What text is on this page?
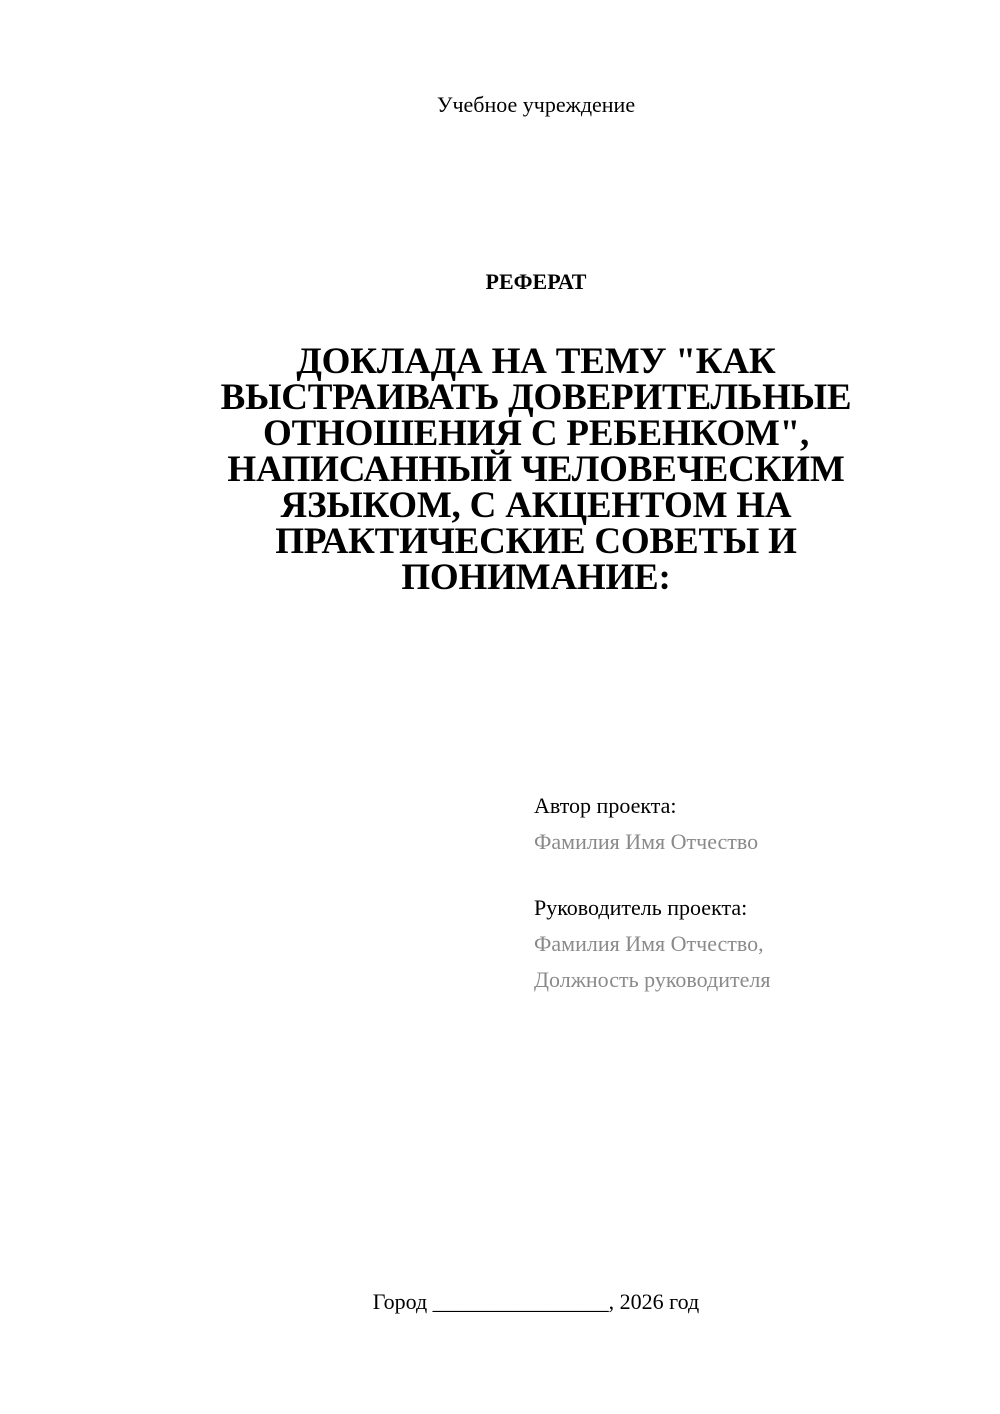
Учебное учреждение
РЕФЕРАТ
ДОКЛАДА НА ТЕМУ "КАК
ВЫСТРАИВАТЬ ДОВЕРИТЕЛЬНЫЕ
ОТНОШЕНИЯ С РЕБЕНКОМ",
НАПИСАННЫЙ ЧЕЛОВЕЧЕСКИМ
ЯЗЫКОМ, С АКЦЕНТОМ НА
ПРАКТИЧЕСКИЕ СОВЕТЫ И
ПОНИМАНИЕ:
Автор проекта:
Фамилия Имя Отчество
Руководитель проекта:
Фамилия Имя Отчество,
Должность руководителя
Город ________________, 2026 год
